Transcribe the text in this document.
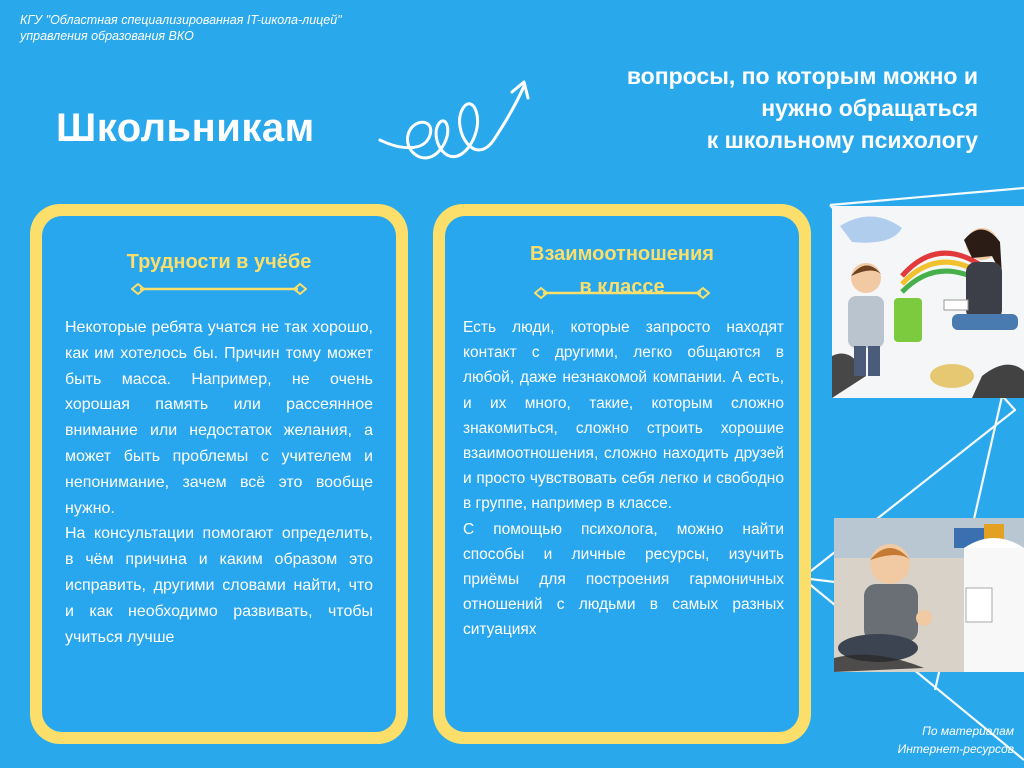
КГУ "Областная специализированная IT-школа-лицей"
управления образования ВКО
вопросы, по которым можно и
нужно обращаться
к школьному психологу
Школьникам
Трудности в учёбе

Некоторые ребята учатся не так хорошо, как им хотелось бы. Причин тому может быть масса. Например, не очень хорошая память или рассеянное внимание или недостаток желания, а может быть проблемы с учителем и непонимание, зачем всё это вообще нужно.

На консультации помогают определить, в чём причина и каким образом это исправить, другими словами найти, что и как необходимо развивать, чтобы учиться лучше

Взаимоотношения
в классе

Есть люди, которые запросто находят контакт с другими, легко общаются в любой, даже незнакомой компании. А есть, и их много, такие, которым сложно знакомиться, сложно строить хорошие взаимоотношения, сложно находить друзей и просто чувствовать себя легко и свободно в группе, например в классе.

С помощью психолога, можно найти способы и личные ресурсы, изучить приёмы для построения гармоничных отношений с людьми в самых разных ситуациях

По материалам
Интернет-ресурсов
